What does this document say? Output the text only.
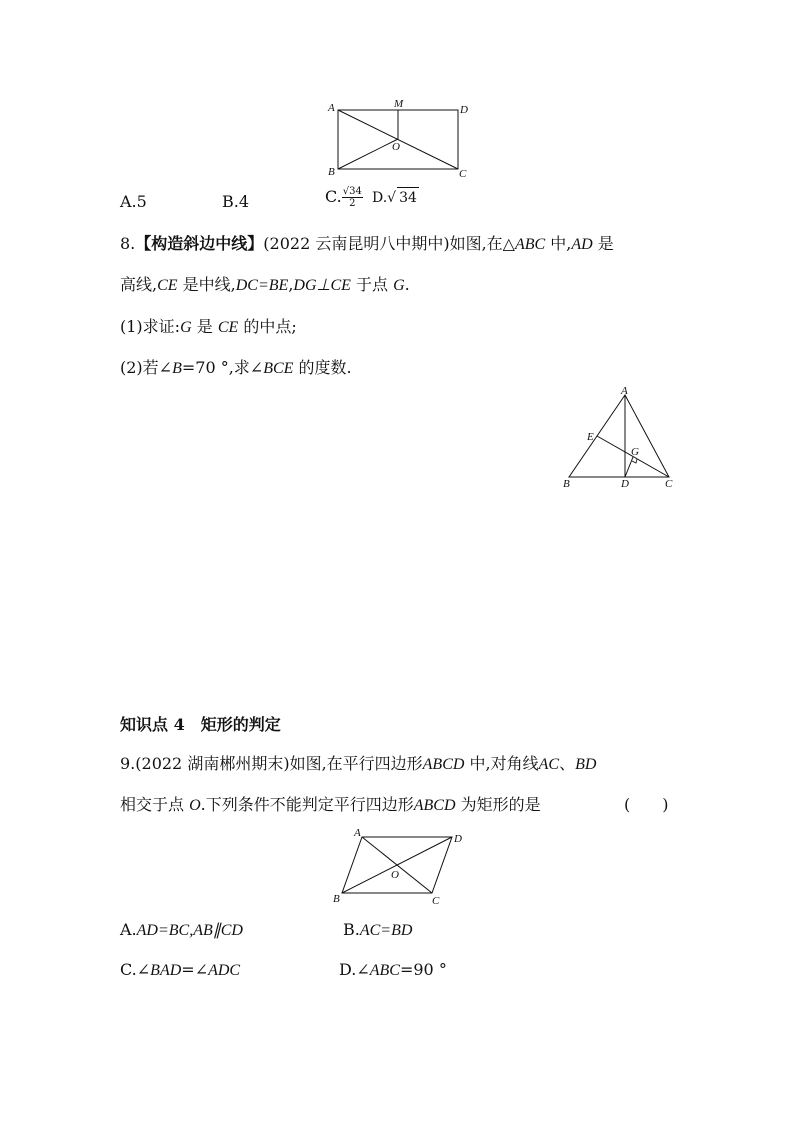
A	M	D
O
B	C
A.5	B.4	C. $\frac{√34}{2} D.√$ 34
8.【构造斜边中线】(2022 云南昆明八中期中)如图,在△ABC 中,AD 是
高线,CE 是中线,DC=BE,DG⊥CE 于点 G.
(1)求证:G 是 CE 的中点;
(2)若∠B=70 °,求∠BCE 的度数.
A
E
G
B	D	C
知识点 4 矩形的判定
9.(2022 湖南郴州期末)如图,在平行四边形ABCD 中,对角线AC、BD
相交于点 O.下列条件不能判定平行四边形ABCD 为矩形的是	(　　)
A	D
O
B	C
A.AD=BC,AB∥CD	B.AC=BD
C.∠BAD=∠ADC	D.∠ABC=90 °
